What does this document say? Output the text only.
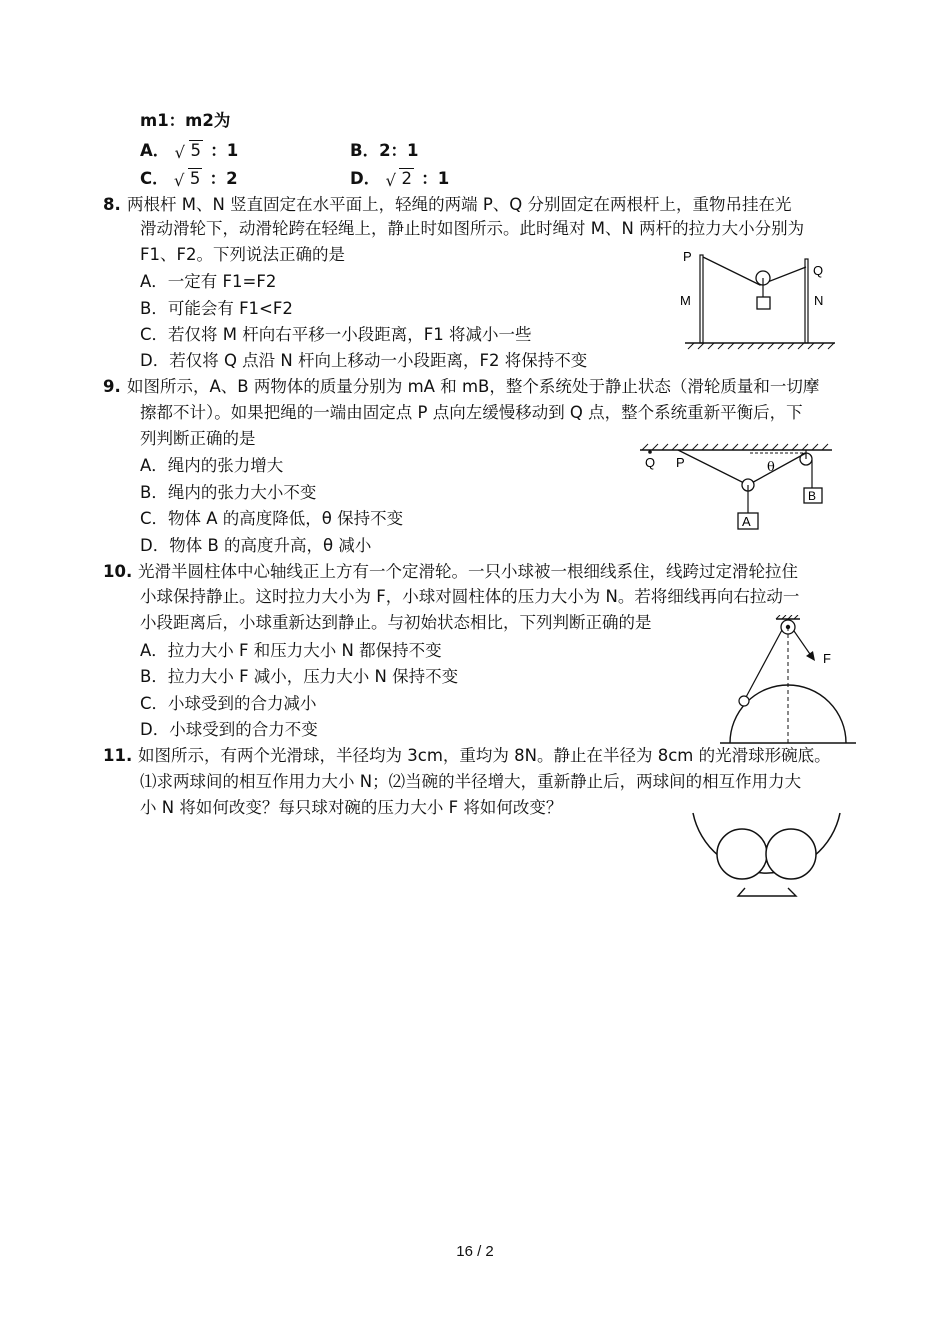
m1：m2为
A． √ 5 ：1	B．2：1
C． √ 5 ：2	D． √ 2 ：1
8. 两根杆 M、N 竖直固定在水平面上，轻绳的两端 P、Q 分别固定在两根杆上，重物吊挂在光
滑动滑轮下，动滑轮跨在轻绳上，静止时如图所示。此时绳对 M、N 两杆的拉力大小分别为
F1、F2。下列说法正确的是
A．一定有 F1=F2
B．可能会有 F1<F2
C．若仅将 M 杆向右平移一小段距离，F1 将减小一些
D．若仅将 Q 点沿 N 杆向上移动一小段距离，F2 将保持不变
P
Q
M	N
9. 如图所示，A、B 两物体的质量分别为 mA 和 mB，整个系统处于静止状态（滑轮质量和一切摩
擦都不计）。如果把绳的一端由固定点 P 点向左缓慢移动到 Q 点，整个系统重新平衡后，下
列判断正确的是
A．绳内的张力增大
B．绳内的张力大小不变
C．物体 A 的高度降低，θ 保持不变
D．物体 B 的高度升高，θ 减小
Q P	θ
A
B
10. 光滑半圆柱体中心轴线正上方有一个定滑轮。一只小球被一根细线系住，线跨过定滑轮拉住
小球保持静止。这时拉力大小为 F，小球对圆柱体的压力大小为 N。若将细线再向右拉动一
小段距离后，小球重新达到静止。与初始状态相比，下列判断正确的是
A．拉力大小 F 和压力大小 N 都保持不变
B．拉力大小 F 减小，压力大小 N 保持不变
C．小球受到的合力减小
D．小球受到的合力不变
F
11. 如图所示，有两个光滑球，半径均为 3cm，重均为 8N。静止在半径为 8cm 的光滑球形碗底。
⑴求两球间的相互作用力大小 N；⑵当碗的半径增大，重新静止后，两球间的相互作用力大
小 N 将如何改变？每只球对碗的压力大小 F 将如何改变？
O
16 / 2
